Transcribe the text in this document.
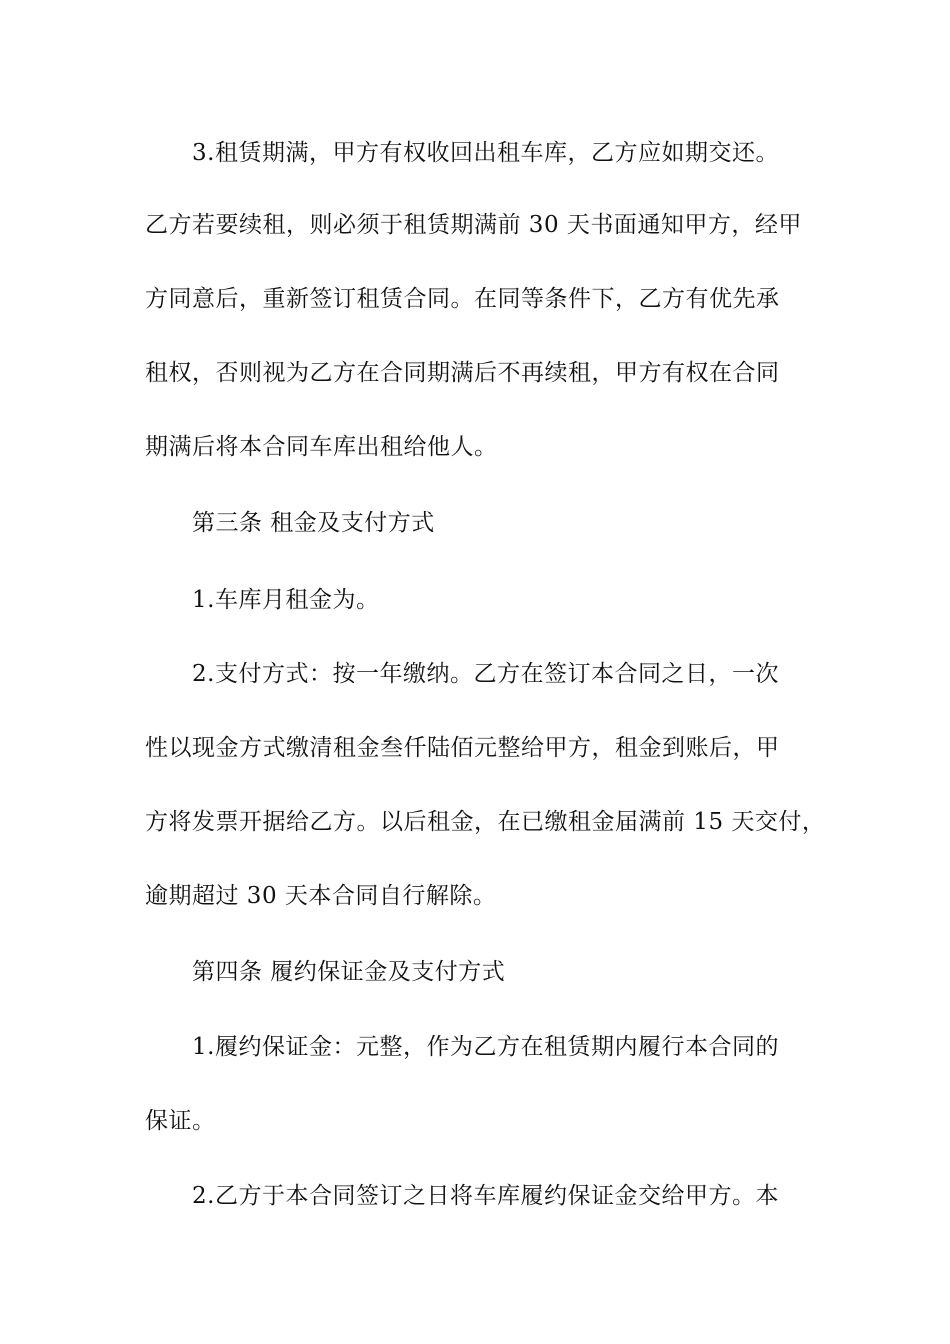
3.租赁期满，甲方有权收回出租车库，乙方应如期交还。
乙方若要续租，则必须于租赁期满前 30 天书面通知甲方，经甲
方同意后，重新签订租赁合同。在同等条件下，乙方有优先承
租权，否则视为乙方在合同期满后不再续租，甲方有权在合同
期满后将本合同车库出租给他人。
第三条 租金及支付方式
1.车库月租金为。
2.支付方式：按一年缴纳。乙方在签订本合同之日，一次
性以现金方式缴清租金叁仟陆佰元整给甲方，租金到账后，甲
方将发票开据给乙方。以后租金，在已缴租金届满前 15 天交付，
逾期超过 30 天本合同自行解除。
第四条 履约保证金及支付方式
1.履约保证金：元整，作为乙方在租赁期内履行本合同的
保证。
2.乙方于本合同签订之日将车库履约保证金交给甲方。本
